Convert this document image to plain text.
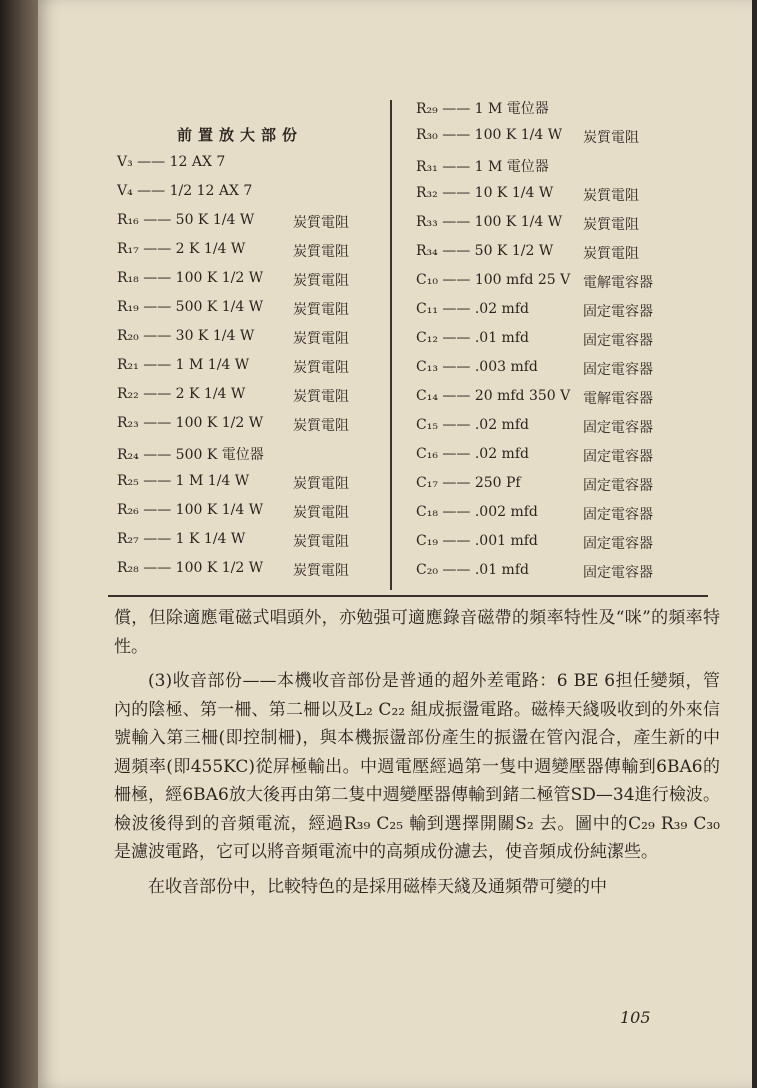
前置放大部份
V₃ —— 12 AX 7
V₄ —— 1/2 12 AX 7
R₁₆ —— 50 K 1/4 W	炭質電阻
R₁₇ —— 2 K 1/4 W	炭質電阻
R₁₈ —— 100 K 1/2 W	炭質電阻
R₁₉ —— 500 K 1/4 W	炭質電阻
R₂₀ —— 30 K 1/4 W	炭質電阻
R₂₁ —— 1 M 1/4 W	炭質電阻
R₂₂ —— 2 K 1/4 W	炭質電阻
R₂₃ —— 100 K 1/2 W	炭質電阻
R₂₄ —— 500 K 電位器
R₂₅ —— 1 M 1/4 W	炭質電阻
R₂₆ —— 100 K 1/4 W	炭質電阻
R₂₇ —— 1 K 1/4 W	炭質電阻
R₂₈ —— 100 K 1/2 W	炭質電阻
R₂₉ —— 1 M 電位器
R₃₀ —— 100 K 1/4 W 炭質電阻
R₃₁ —— 1 M 電位器
R₃₂ —— 10 K 1/4 W 炭質電阻
R₃₃ —— 100 K 1/4 W 炭質電阻
R₃₄ —— 50 K 1/2 W 炭質電阻
C₁₀ —— 100 mfd 25 V 電解電容器
C₁₁ —— .02 mfd	固定電容器
C₁₂ —— .01 mfd	固定電容器
C₁₃ —— .003 mfd	固定電容器
C₁₄ —— 20 mfd 350 V 電解電容器
C₁₅ —— .02 mfd	固定電容器
C₁₆ —— .02 mfd	固定電容器
C₁₇ —— 250 Pf	固定電容器
C₁₈ —— .002 mfd	固定電容器
C₁₉ —— .001 mfd	固定電容器
C₂₀ —— .01 mfd	固定電容器

償，但除適應電磁式唱頭外，亦勉强可適應錄音磁帶的頻率特性及“咪”的頻率特性。

(3)收音部份——本機收音部份是普通的超外差電路：6 BE 6担任變頻，管內的陰極、第一柵、第二柵以及L₂ C₂₂ 組成振盪電路。磁棒天綫吸收到的外來信號輸入第三柵(即控制柵)，與本機振盪部份產生的振盪在管內混合，產生新的中週頻率(即455KC)從屏極輸出。中週電壓經過第一隻中週變壓器傳輸到6BA6的柵極，經6BA6放大後再由第二隻中週變壓器傳輸到鍺二極管SD—34進行檢波。檢波後得到的音頻電流，經過R₃₉ C₂₅ 輸到選擇開關S₂ 去。圖中的C₂₉ R₃₉ C₃₀ 是濾波電路，它可以將音頻電流中的高頻成份濾去，使音頻成份純潔些。

在收音部份中，比較特色的是採用磁棒天綫及通頻帶可變的中

105
